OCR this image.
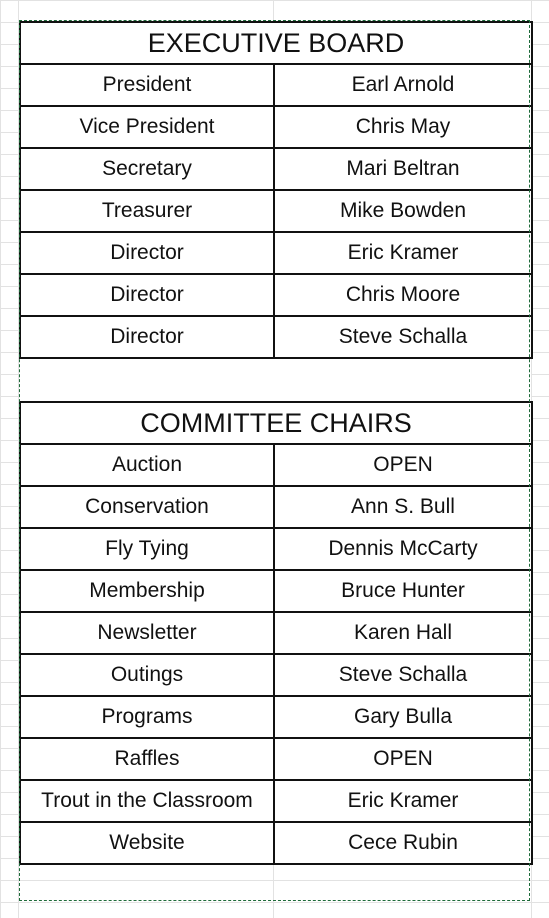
EXECUTIVE BOARD	
President	Earl Arnold
Vice President	Chris May
Secretary	Mari Beltran
Treasurer	Mike Bowden
Director	Eric Kramer
Director	Chris Moore
Director	Steve Schalla
COMMITTEE CHAIRS	
Auction	OPEN
Conservation	Ann S. Bull
Fly Tying	Dennis McCarty
Membership	Bruce Hunter
Newsletter	Karen Hall
Outings	Steve Schalla
Programs	Gary Bulla
Raffles	OPEN
Trout in the Classroom	Eric Kramer
Website	Cece Rubin
